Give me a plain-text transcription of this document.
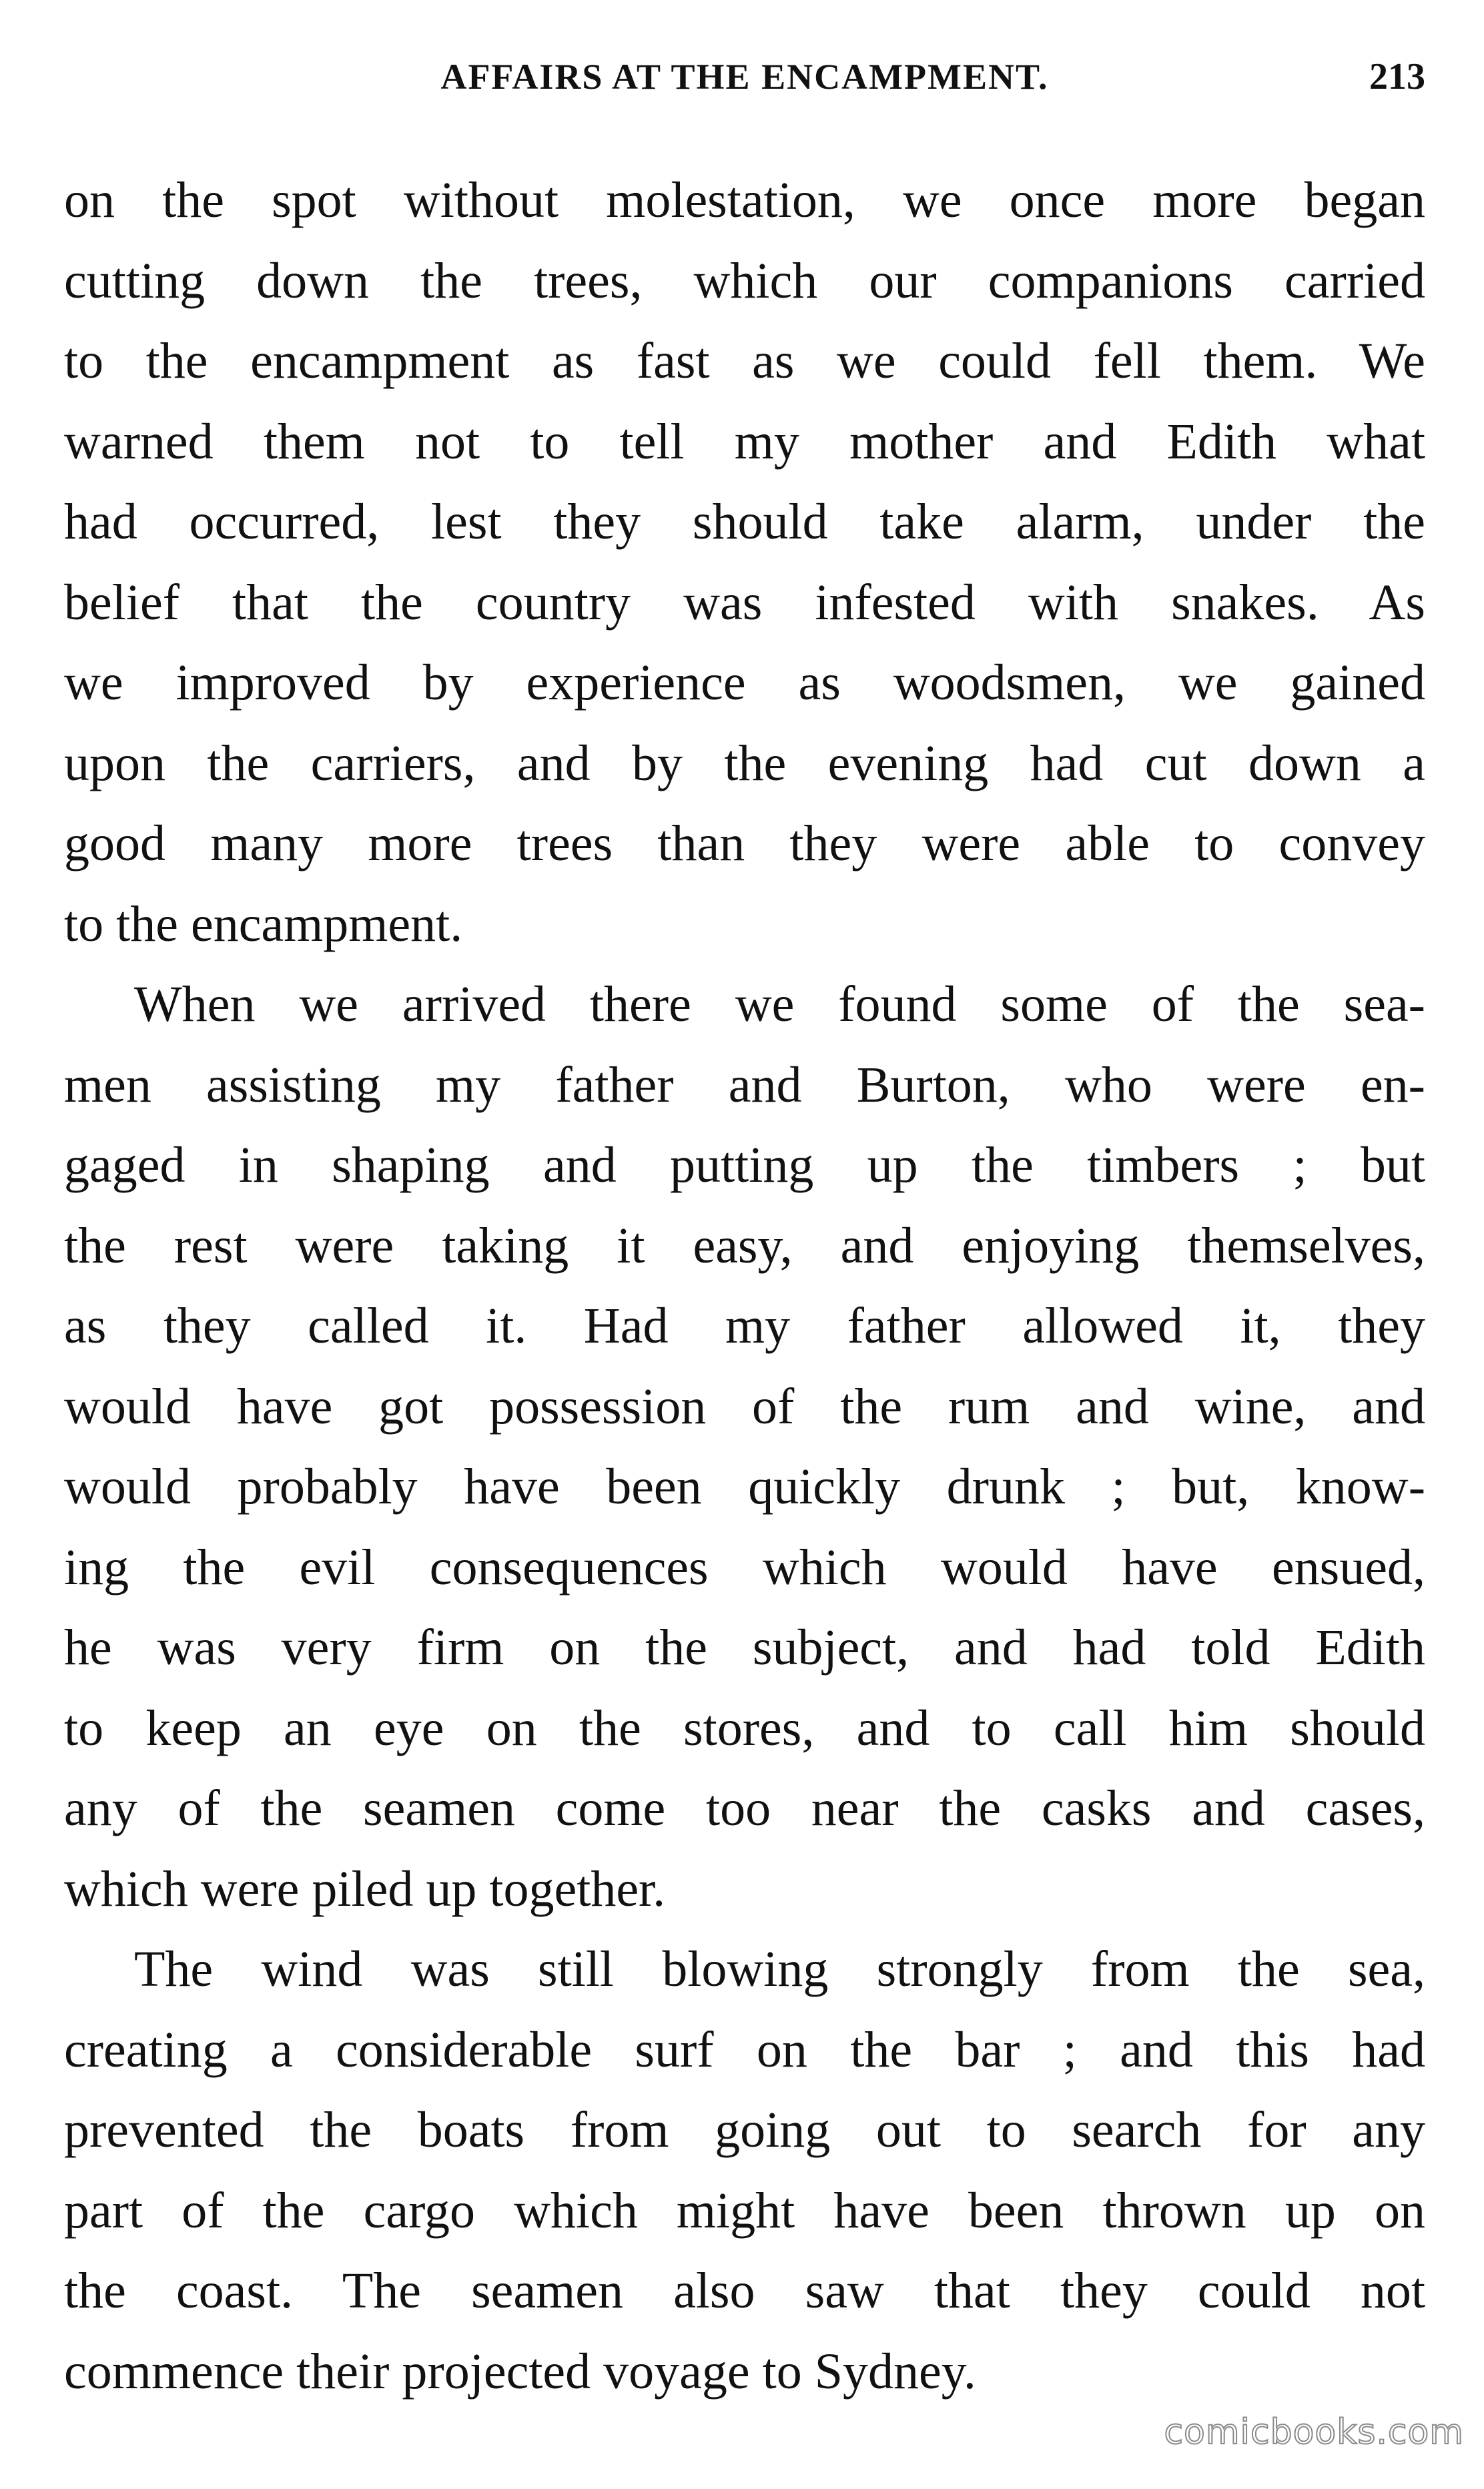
AFFAIRS AT THE ENCAMPMENT.	213
on the spot without molestation, we once more began
cutting down the trees, which our companions carried
to the encampment as fast as we could fell them. We
warned them not to tell my mother and Edith what
had occurred, lest they should take alarm, under the
belief that the country was infested with snakes. As
we improved by experience as woodsmen, we gained
upon the carriers, and by the evening had cut down a
good many more trees than they were able to convey
to the encampment.
When we arrived there we found some of the sea-
men assisting my father and Burton, who were en-
gaged in shaping and putting up the timbers ; but
the rest were taking it easy, and enjoying themselves,
as they called it. Had my father allowed it, they
would have got possession of the rum and wine, and
would probably have been quickly drunk ; but, know-
ing the evil consequences which would have ensued,
he was very firm on the subject, and had told Edith
to keep an eye on the stores, and to call him should
any of the seamen come too near the casks and cases,
which were piled up together.
The wind was still blowing strongly from the sea,
creating a considerable surf on the bar ; and this had
prevented the boats from going out to search for any
part of the cargo which might have been thrown up on
the coast. The seamen also saw that they could not
commence their projected voyage to Sydney.
comicbooks.com
